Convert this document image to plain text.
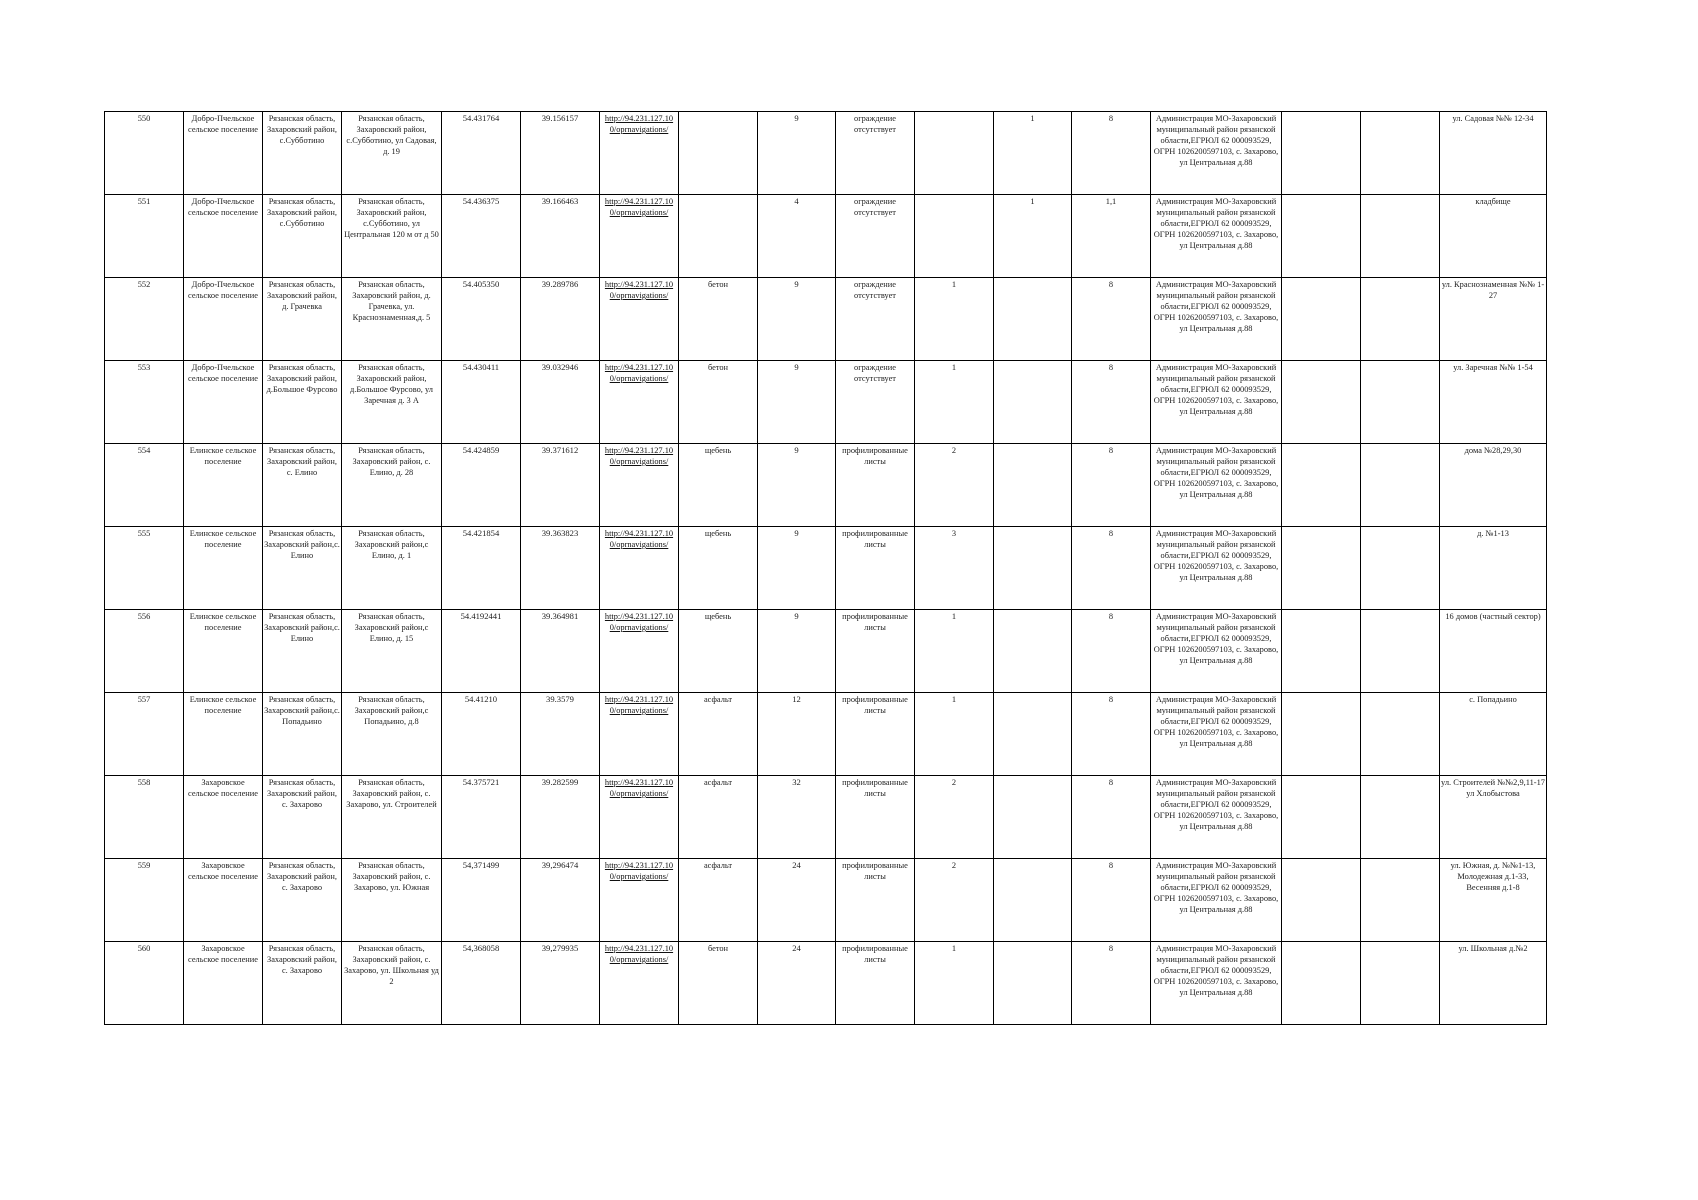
550	Добро-Пчельское сельское поселение	Рязанская область, Захаровский район, с.Субботино	Рязанская область, Захаровский район, с.Субботино, ул Садовая, д. 19	54.431764	39.156157	http://94.231.127.10 0/oprnavigations/		9	ограждение отсутствует		1	8	Администрация МО-Захаровский муниципальный район рязанской области,ЕГРЮЛ 62 000093529, ОГРН 1026200597103, с. Захарово, ул Центральная д.88			ул. Садовая №№ 12-34
551	Добро-Пчельское сельское поселение	Рязанская область, Захаровский район, с.Субботино	Рязанская область, Захаровский район, с.Субботино, ул Центральная 120 м от д 50	54.436375	39.166463	http://94.231.127.10 0/oprnavigations/		4	ограждение отсутствует		1	1,1	Администрация МО-Захаровский муниципальный район рязанской области,ЕГРЮЛ 62 000093529, ОГРН 1026200597103, с. Захарово, ул Центральная д.88			кладбище
552	Добро-Пчельское сельское поселение	Рязанская область, Захаровский район, д. Грачевка	Рязанская область, Захаровский район, д. Грачевка, ул. Краснознаменная,д. 5	54.405350	39.289786	http://94.231.127.10 0/oprnavigations/	бетон	9	ограждение отсутствует	1		8	Администрация МО-Захаровский муниципальный район рязанской области,ЕГРЮЛ 62 000093529, ОГРН 1026200597103, с. Захарово, ул Центральная д.88			ул. Краснознаменная №№ 1-27
553	Добро-Пчельское сельское поселение	Рязанская область, Захаровский район, д.Большое Фурсово	Рязанская область, Захаровский район, д.Большое Фурсово, ул Заречная д. 3 А	54.430411	39.032946	http://94.231.127.10 0/oprnavigations/	бетон	9	ограждение отсутствует	1		8	Администрация МО-Захаровский муниципальный район рязанской области,ЕГРЮЛ 62 000093529, ОГРН 1026200597103, с. Захарово, ул Центральная д.88			ул. Заречная №№ 1-54
554	Елинское сельское поселение	Рязанская область, Захаровский район, с. Елино	Рязанская область, Захаровский район, с. Елино, д. 28	54.424859	39.371612	http://94.231.127.10 0/oprnavigations/	щебень	9	профилированные листы	2		8	Администрация МО-Захаровский муниципальный район рязанской области,ЕГРЮЛ 62 000093529, ОГРН 1026200597103, с. Захарово, ул Центральная д.88			дома №28,29,30
555	Елинское сельское поселение	Рязанская область, Захаровский район,с. Елино	Рязанская область, Захаровский район,с Елино, д. 1	54.421854	39.363823	http://94.231.127.10 0/oprnavigations/	щебень	9	профилированные листы	3		8	Администрация МО-Захаровский муниципальный район рязанской области,ЕГРЮЛ 62 000093529, ОГРН 1026200597103, с. Захарово, ул Центральная д.88			д. №1-13
556	Елинское сельское поселение	Рязанская область, Захаровский район,с. Елино	Рязанская область, Захаровский район,с Елино, д. 15	54.4192441	39.364981	http://94.231.127.10 0/oprnavigations/	щебень	9	профилированные листы	1		8	Администрация МО-Захаровский муниципальный район рязанской области,ЕГРЮЛ 62 000093529, ОГРН 1026200597103, с. Захарово, ул Центральная д.88			16 домов (частный сектор)
557	Елинское сельское поселение	Рязанская область, Захаровский район,с. Попадьино	Рязанская область, Захаровский район,с Попадьино, д.8	54.41210	39.3579	http://94.231.127.10 0/oprnavigations/	асфальт	12	профилированные листы	1		8	Администрация МО-Захаровский муниципальный район рязанской области,ЕГРЮЛ 62 000093529, ОГРН 1026200597103, с. Захарово, ул Центральная д.88			с. Попадьино
558	Захаровское сельское поселение	Рязанская область, Захаровский район, с. Захарово	Рязанская область, Захаровский район, с. Захарово, ул. Строителей	54.375721	39.282599	http://94.231.127.10 0/oprnavigations/	асфальт	32	профилированные листы	2		8	Администрация МО-Захаровский муниципальный район рязанской области,ЕГРЮЛ 62 000093529, ОГРН 1026200597103, с. Захарово, ул Центральная д.88			ул. Строителей №№2,9,11-17 ул Хлобыстова
559	Захаровское сельское поселение	Рязанская область, Захаровский район, с. Захарово	Рязанская область, Захаровский район, с. Захарово, ул. Южная	54,371499	39,296474	http://94.231.127.10 0/oprnavigations/	асфальт	24	профилированные листы	2		8	Администрация МО-Захаровский муниципальный район рязанской области,ЕГРЮЛ 62 000093529, ОГРН 1026200597103, с. Захарово, ул Центральная д.88			ул. Южная, д. №№1-13, Молодежная д.1-33, Весенняя д.1-8
560	Захаровское сельское поселение	Рязанская область, Захаровский район, с. Захарово	Рязанская область, Захаровский район, с. Захарово, ул. Школьная уд 2	54,368058	39,279935	http://94.231.127.10 0/oprnavigations/	бетон	24	профилированные листы	1		8	Администрация МО-Захаровский муниципальный район рязанской области,ЕГРЮЛ 62 000093529, ОГРН 1026200597103, с. Захарово, ул Центральная д.88			ул. Школьная д.№2
